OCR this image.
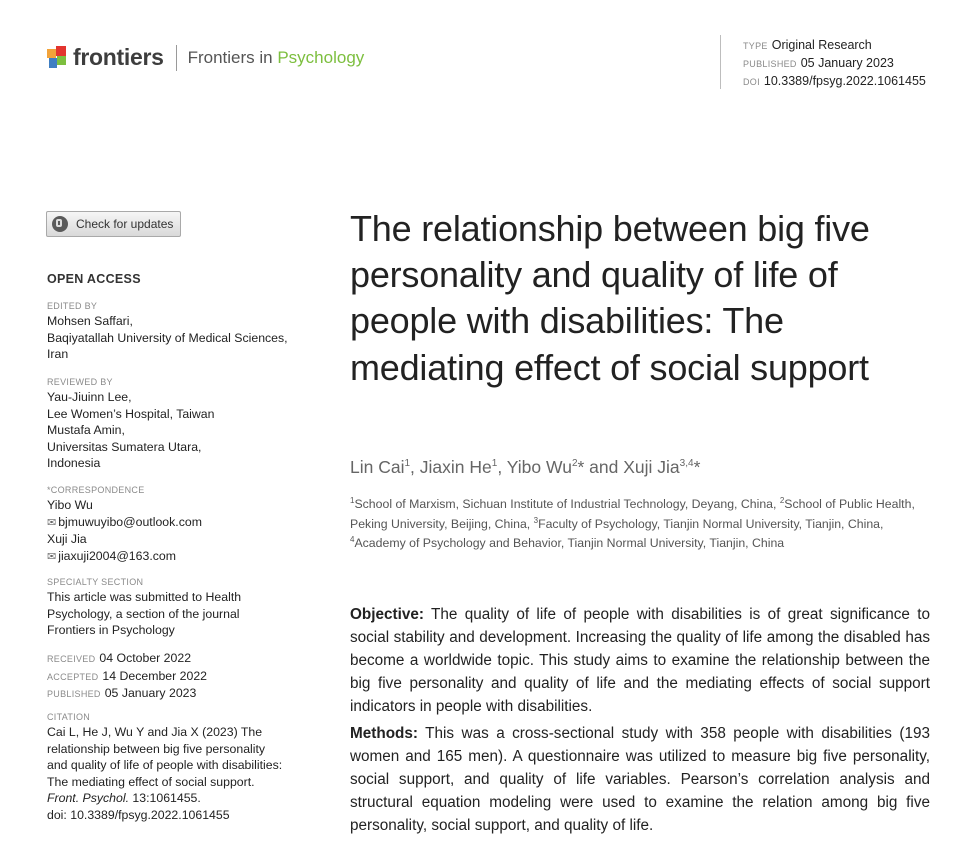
frontiers Frontiers in Psychology
TYPE Original Research
PUBLISHED 05 January 2023
DOI 10.3389/fpsyg.2022.1061455
Check for updates
OPEN ACCESS
EDITED BY
Mohsen Saffari,
Baqiyatallah University of Medical Sciences,
Iran
REVIEWED BY
Yau-Jiuinn Lee,
Lee Women’s Hospital, Taiwan
Mustafa Amin,
Universitas Sumatera Utara,
Indonesia
*CORRESPONDENCE
Yibo Wu
✉ bjmuwuyibo@outlook.com
Xuji Jia
✉ jiaxuji2004@163.com
SPECIALTY SECTION
This article was submitted to Health
Psychology, a section of the journal
Frontiers in Psychology
RECEIVED 04 October 2022
ACCEPTED 14 December 2022
PUBLISHED 05 January 2023
CITATION
Cai L, He J, Wu Y and Jia X (2023) The
relationship between big five personality
and quality of life of people with disabilities:
The mediating effect of social support.
Front. Psychol. 13:1061455.
doi: 10.3389/fpsyg.2022.1061455
The relationship between big five personality and quality of life of people with disabilities: The mediating effect of social support
Lin Cai$^1$, Jiaxin He$^1$, Yibo Wu$^2$* and Xuji Jia$^{3,4}$*
$^1$School of Marxism, Sichuan Institute of Industrial Technology, Deyang, China, $^2$School of Public Health, Peking University, Beijing, China, $^3$Faculty of Psychology, Tianjin Normal University, Tianjin, China, $^4$Academy of Psychology and Behavior, Tianjin Normal University, Tianjin, China

Objective: The quality of life of people with disabilities is of great significance to social stability and development. Increasing the quality of life among the disabled has become a worldwide topic. This study aims to examine the relationship between the big five personality and quality of life and the mediating effects of social support indicators in people with disabilities.

Methods: This was a cross-sectional study with 358 people with disabilities (193 women and 165 men). A questionnaire was utilized to measure big five personality, social support, and quality of life variables. Pearson’s correlation analysis and structural equation modeling were used to examine the relation among big five personality, social support, and quality of life.
